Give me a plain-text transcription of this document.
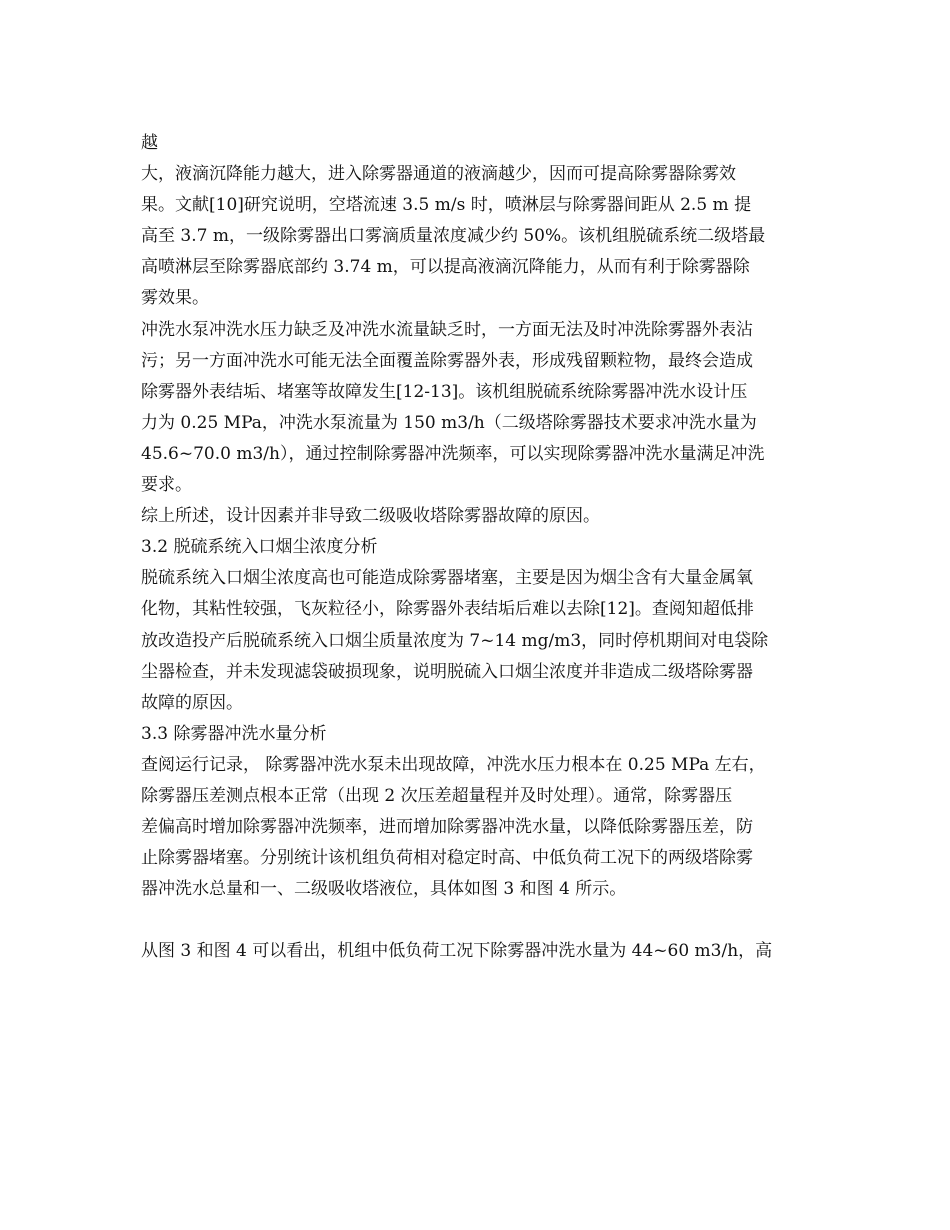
越
大，液滴沉降能力越大，进入除雾器通道的液滴越少，因而可提高除雾器除雾效
果。文献[10]研究说明，空塔流速 3.5 m/s 时，喷淋层与除雾器间距从 2.5 m 提
高至 3.7 m，一级除雾器出口雾滴质量浓度减少约 50%。该机组脱硫系统二级塔最
高喷淋层至除雾器底部约 3.74 m，可以提高液滴沉降能力，从而有利于除雾器除
雾效果。
冲洗水泵冲洗水压力缺乏及冲洗水流量缺乏时，一方面无法及时冲洗除雾器外表沾
污；另一方面冲洗水可能无法全面覆盖除雾器外表，形成残留颗粒物，最终会造成
除雾器外表结垢、堵塞等故障发生[12-13]。该机组脱硫系统除雾器冲洗水设计压
力为 0.25 MPa，冲洗水泵流量为 150 m3/h（二级塔除雾器技术要求冲洗水量为
45.6~70.0 m3/h），通过控制除雾器冲洗频率，可以实现除雾器冲洗水量满足冲洗
要求。
综上所述，设计因素并非导致二级吸收塔除雾器故障的原因。
3.2 脱硫系统入口烟尘浓度分析
脱硫系统入口烟尘浓度高也可能造成除雾器堵塞，主要是因为烟尘含有大量金属氧
化物，其粘性较强，飞灰粒径小，除雾器外表结垢后难以去除[12]。查阅知超低排
放改造投产后脱硫系统入口烟尘质量浓度为 7~14 mg/m3，同时停机期间对电袋除
尘器检查，并未发现滤袋破损现象，说明脱硫入口烟尘浓度并非造成二级塔除雾器
故障的原因。
3.3 除雾器冲洗水量分析
查阅运行记录， 除雾器冲洗水泵未出现故障，冲洗水压力根本在 0.25 MPa 左右，
除雾器压差测点根本正常（出现 2 次压差超量程并及时处理）。通常，除雾器压
差偏高时增加除雾器冲洗频率，进而增加除雾器冲洗水量，以降低除雾器压差，防
止除雾器堵塞。分别统计该机组负荷相对稳定时高、中低负荷工况下的两级塔除雾
器冲洗水总量和一、二级吸收塔液位，具体如图 3 和图 4 所示。
从图 3 和图 4 可以看出，机组中低负荷工况下除雾器冲洗水量为 44~60 m3/h，高
